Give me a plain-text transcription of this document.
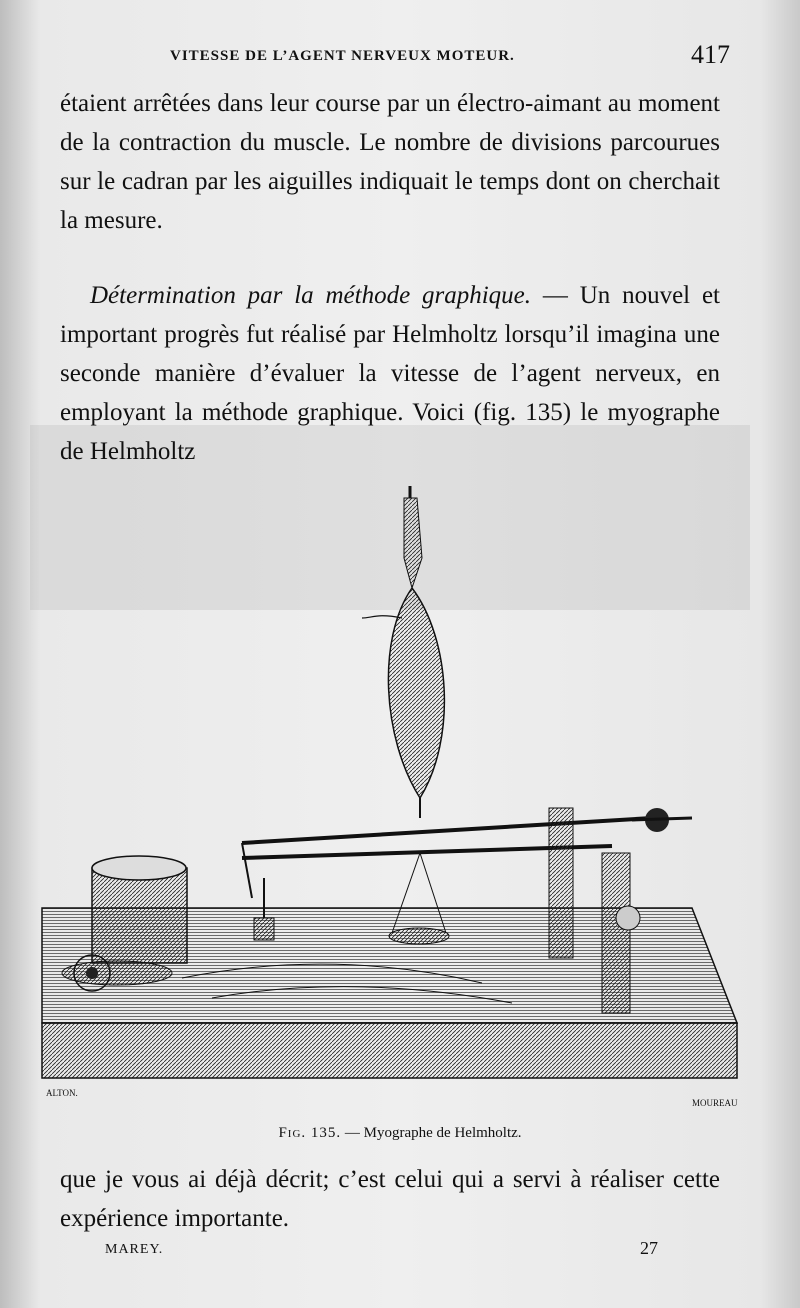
VITESSE DE L’AGENT NERVEUX MOTEUR.	417

étaient arrêtées dans leur course par un électro-aimant au moment de la contraction du muscle. Le nombre de divisions parcourues sur le cadran par les aiguilles indiquait le temps dont on cherchait la mesure.

Détermination par la méthode graphique. — Un nouvel et important progrès fut réalisé par Helmholtz lorsqu’il imagina une seconde manière d’évaluer la vitesse de l’agent nerveux, en employant la méthode graphique. Voici (fig. 135) le myographe de Helmholtz

ALTON.
MOUREAU
Fig. 135. — Myographe de Helmholtz.

que je vous ai déjà décrit; c’est celui qui a servi à réaliser cette expérience importante.

MAREY.	27
